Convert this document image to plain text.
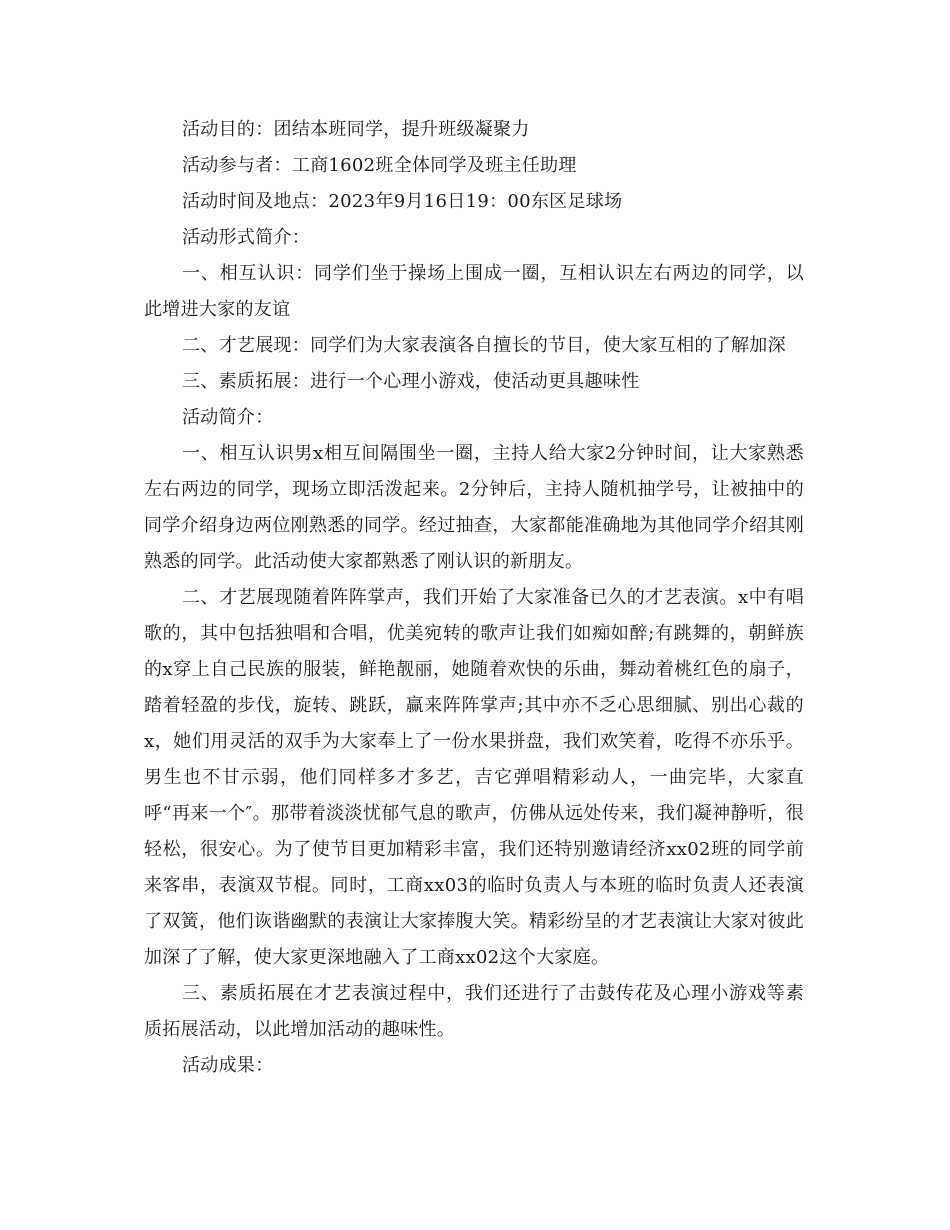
活动目的：团结本班同学，提升班级凝聚力

活动参与者：工商1602班全体同学及班主任助理

活动时间及地点：2023年9月16日19：00东区足球场

活动形式简介：

一、相互认识：同学们坐于操场上围成一圈，互相认识左右两边的同学，以此增进大家的友谊

二、才艺展现：同学们为大家表演各自擅长的节目，使大家互相的了解加深

三、素质拓展：进行一个心理小游戏，使活动更具趣味性

活动简介：

一、相互认识男x相互间隔围坐一圈，主持人给大家2分钟时间，让大家熟悉左右两边的同学，现场立即活泼起来。2分钟后，主持人随机抽学号，让被抽中的同学介绍身边两位刚熟悉的同学。经过抽查，大家都能准确地为其他同学介绍其刚熟悉的同学。此活动使大家都熟悉了刚认识的新朋友。

二、才艺展现随着阵阵掌声，我们开始了大家准备已久的才艺表演。x中有唱歌的，其中包括独唱和合唱，优美宛转的歌声让我们如痴如醉;有跳舞的，朝鲜族的x穿上自己民族的服装，鲜艳靓丽，她随着欢快的乐曲，舞动着桃红色的扇子，踏着轻盈的步伐，旋转、跳跃，赢来阵阵掌声;其中亦不乏心思细腻、别出心裁的x，她们用灵活的双手为大家奉上了一份水果拼盘，我们欢笑着，吃得不亦乐乎。男生也不甘示弱，他们同样多才多艺，吉它弹唱精彩动人，一曲完毕，大家直呼“再来一个″。那带着淡淡忧郁气息的歌声，仿佛从远处传来，我们凝神静听，很轻松，很安心。为了使节目更加精彩丰富，我们还特别邀请经济xx02班的同学前来客串，表演双节棍。同时，工商xx03的临时负责人与本班的临时负责人还表演了双簧，他们诙谐幽默的表演让大家捧腹大笑。精彩纷呈的才艺表演让大家对彼此加深了了解，使大家更深地融入了工商xx02这个大家庭。

三、素质拓展在才艺表演过程中，我们还进行了击鼓传花及心理小游戏等素质拓展活动，以此增加活动的趣味性。

活动成果：
